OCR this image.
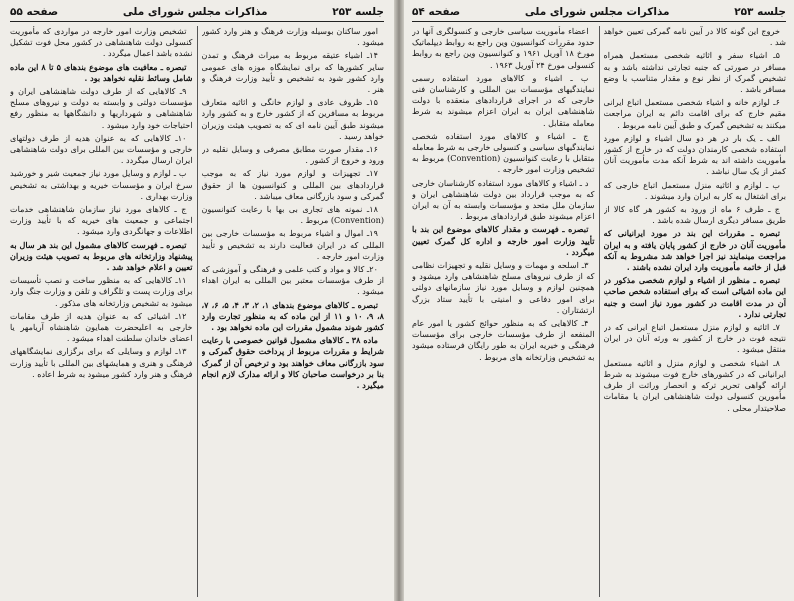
جلسه ۲۵۳
مذاکرات مجلس شورای ملی
صفحه ۵۵

امور ساکنان بوسیله وزارت فرهنگ و هنر وارد کشور میشود .

۱۴ـ اشیاء عتیقه مربوط به میراث فرهنگ و تمدن سایر کشورها که برای نمایشگاه موزه های عمومی وارد کشور شود به تشخیص و تأیید وزارت فرهنگ و هنر .

۱۵ـ ظروف عادی و لوازم خانگی و اثاثیه متعارف مربوط به مسافرین که از کشور خارج و به کشور وارد میشوند طبق آیین نامه ای که به تصویب هیئت وزیران خواهد رسید .

۱۶ـ مقدار صورت مطابق مصرفی و وسایل نقلیه در ورود و خروج از کشور .

۱۷ـ تجهیزات و لوازم مورد نیاز که به موجب قراردادهای بین المللی و کنوانسیون ها از حقوق گمرکی و سود بازرگانی معاف میباشد .

۱۸ـ نمونه های تجاری بی بها با رعایت کنوانسیون (Convention) مربوط .

۱۹ـ اموال و اشیاء مربوط به مؤسسات خارجی بین المللی که در ایران فعالیت دارند به تشخیص و تأیید وزارت امور خارجه .

۲۰ـ کالا و مواد و کتب علمی و فرهنگی و آموزشی که از طرف مؤسسات معتبر بین المللی به ایران اهداء میشود .

تبصره ـ کالاهای موضوع بندهای ۱، ۲، ۳، ۴، ۵، ۶، ۷، ۸، ۹، ۱۰ و ۱۱ از این ماده که به منظور تجارت وارد کشور شوند مشمول مقررات این ماده نخواهد بود .

ماده ۳۸ ـ کالاهای مشمول قوانین خصوصی با رعایت شرایط و مقررات مربوط از پرداخت حقوق گمرکی و سود بازرگانی معاف خواهند بود و ترخیص آن از گمرک بنا بر درخواست صاحبان کالا و ارائه مدارک لازم انجام میگیرد .

تشخیص وزارت امور خارجه در مواردی که مأموریت کنسولی دولت شاهنشاهی در کشور محل فوت تشکیل نشده باشد اعمال میگردد .

تبصره ـ معافیت های موضوع بندهای ۵ تا ۸ این ماده شامل وسائط نقلیه نخواهد بود .

۹ـ کالاهایی که از طرف دولت شاهنشاهی ایران و مؤسسات دولتی و وابسته به دولت و نیروهای مسلح شاهنشاهی و شهرداریها و دانشگاهها به منظور رفع احتیاجات خود وارد میشود .

۱۰ـ کالاهایی که به عنوان هدیه از طرف دولتهای خارجی و مؤسسات بین المللی برای دولت شاهنشاهی ایران ارسال میگردد .

ب ـ لوازم و وسایل مورد نیاز جمعیت شیر و خورشید سرخ ایران و مؤسسات خیریه و بهداشتی به تشخیص وزارت بهداری .

ج ـ کالاهای مورد نیاز سازمان شاهنشاهی خدمات اجتماعی و جمعیت های خیریه که با تأیید وزارت اطلاعات و جهانگردی وارد میشود .

تبصره ـ فهرست کالاهای مشمول این بند هر سال به پیشنهاد وزارتخانه های مربوط به تصویب هیئت وزیران تعیین و اعلام خواهد شد .

۱۱ـ کالاهایی که به منظور ساخت و نصب تأسیسات برای وزارت پست و تلگراف و تلفن و وزارت جنگ وارد میشود به تشخیص وزارتخانه های مذکور .

۱۲ـ اشیائی که به عنوان هدیه از طرف مقامات خارجی به اعلیحضرت همایون شاهنشاه آریامهر یا اعضای خاندان سلطنت اهداء میشود .

۱۳ـ لوازم و وسایلی که برای برگزاری نمایشگاههای فرهنگی و هنری و همایشهای بین المللی با تأیید وزارت فرهنگ و هنر وارد کشور میشود به شرط اعاده .

جلسه ۲۵۳
مذاکرات مجلس شورای ملی
صفحه ۵۴

خروج این گونه کالا در آیین نامه گمرکی تعیین خواهد شد .

۵ـ اشیاء سفر و اثاثیه شخصی مستعمل همراه مسافر در صورتی که جنبه تجارتی نداشته باشد و به تشخیص گمرک از نظر نوع و مقدار متناسب با وضع مسافر باشد .

۶ـ لوازم خانه و اشیاء شخصی مستعمل اتباع ایرانی مقیم خارج که برای اقامت دائم به ایران مراجعت میکنند به تشخیص گمرک و طبق آیین نامه مربوط .

الف ـ یک بار در هر دو سال اشیاء و لوازم مورد استفاده شخصی کارمندان دولت که در خارج از کشور مأموریت داشته اند به شرط آنکه مدت مأموریت آنان کمتر از یک سال نباشد .

ب ـ لوازم و اثاثیه منزل مستعمل اتباع خارجی که برای اشتغال به کار به ایران وارد میشوند .

ج ـ طرف ۶ ماه از ورود به کشور هر گاه کالا از طریق مسافر دیگری ارسال شده باشد .

تبصره ـ مقررات این بند در مورد ایرانیانی که مأموریت آنان در خارج از کشور پایان یافته و به ایران مراجعت مینمایند نیز اجرا خواهد شد مشروط به آنکه قبل از خاتمه مأموریت وارد ایران نشده باشند .

تبصره ـ منظور از اشیاء و لوازم شخصی مذکور در این ماده اشیائی است که برای استفاده شخص صاحب آن در مدت اقامت در کشور مورد نیاز است و جنبه تجارتی ندارد .

۷ـ اثاثیه و لوازم منزل مستعمل اتباع ایرانی که در نتیجه فوت در خارج از کشور به ورثه آنان در ایران منتقل میشود .

۸ـ اشیاء شخصی و لوازم منزل و اثاثیه مستعمل ایرانیانی که در کشورهای خارج فوت میشوند به شرط ارائه گواهی تحریر ترکه و انحصار وراثت از طرف مأمورین کنسولی دولت شاهنشاهی ایران یا مقامات صلاحیتدار محلی .

اعضاء مأموریت سیاسی خارجی و کنسولگری آنها در حدود مقررات کنوانسیون وین راجع به روابط دیپلماتیک مورخ ۱۸ آوریل ۱۹۶۱ و کنوانسیون وین راجع به روابط کنسولی مورخ ۲۴ آوریل ۱۹۶۳ .

ب ـ اشیاء و کالاهای مورد استفاده رسمی نمایندگیهای مؤسسات بین المللی و کارشناسان فنی خارجی که در اجرای قراردادهای منعقده با دولت شاهنشاهی ایران به ایران اعزام میشوند به شرط معامله متقابل .

ج ـ اشیاء و کالاهای مورد استفاده شخصی نمایندگیهای سیاسی و کنسولی خارجی به شرط معامله متقابل با رعایت کنوانسیون (Convention) مربوط به تشخیص وزارت امور خارجه .

د ـ اشیاء و کالاهای مورد استفاده کارشناسان خارجی که به موجب قرارداد بین دولت شاهنشاهی ایران و سازمان ملل متحد و مؤسسات وابسته به آن به ایران اعزام میشوند طبق قراردادهای مربوط .

تبصره ـ فهرست و مقدار کالاهای موضوع این بند با تأیید وزارت امور خارجه و اداره کل گمرک تعیین میگردد .

۳ـ اسلحه و مهمات و وسایل نقلیه و تجهیزات نظامی که از طرف نیروهای مسلح شاهنشاهی وارد میشود و همچنین لوازم و وسایل مورد نیاز سازمانهای دولتی برای امور دفاعی و امنیتی با تأیید ستاد بزرگ ارتشتاران .

۴ـ کالاهایی که به منظور حوائج کشور یا امور عام المنفعه از طرف مؤسسات خارجی برای مؤسسات فرهنگی و خیریه ایران به طور رایگان فرستاده میشود به تشخیص وزارتخانه های مربوط .
